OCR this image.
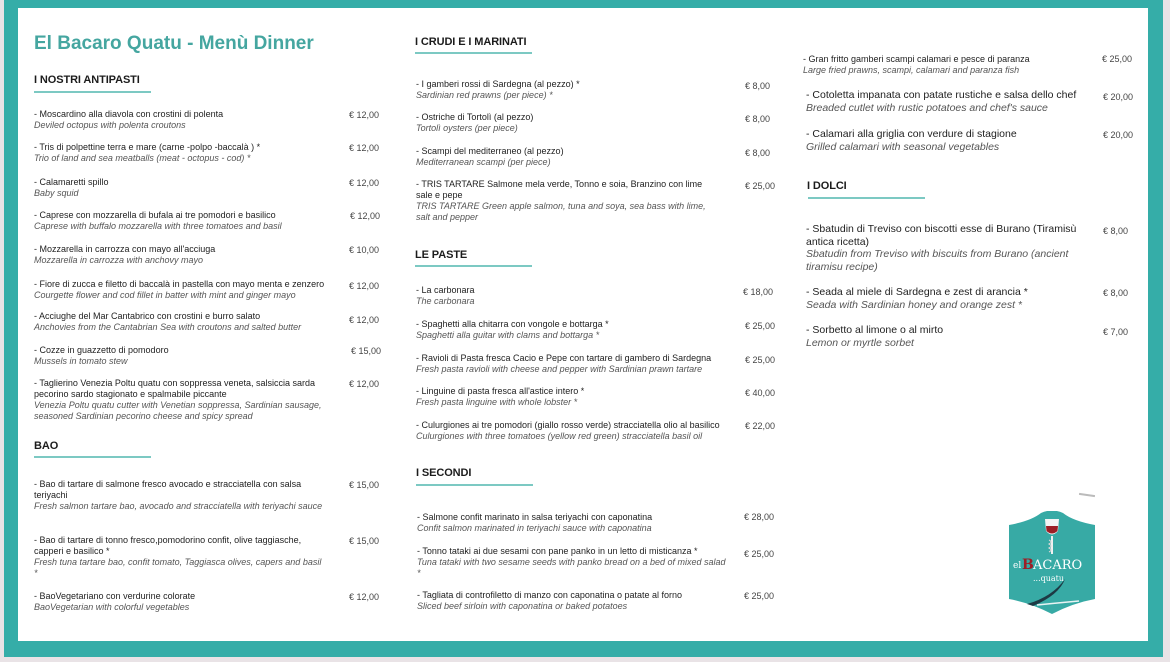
El Bacaro Quatu - Menù Dinner
I NOSTRI ANTIPASTI
- Moscardino alla diavola con crostini di polenta
Deviled octopus with polenta croutons
€ 12,00
- Tris di polpettine terra e mare (carne -polpo -baccalà ) *
Trio of land and sea meatballs (meat - octopus - cod) *
€ 12,00
- Calamaretti spillo
Baby squid
€ 12,00
- Caprese con mozzarella di bufala ai tre pomodori e basilico
Caprese with buffalo mozzarella with three tomatoes and basil
€ 12,00
- Mozzarella in carrozza con mayo all'acciuga
Mozzarella in carrozza with anchovy mayo
€ 10,00
- Fiore di zucca e filetto di baccalà in pastella con mayo menta e zenzero
Courgette flower and cod fillet in batter with mint and ginger mayo
€ 12,00
- Acciughe del Mar Cantabrico con crostini e burro salato
Anchovies from the Cantabrian Sea with croutons and salted butter
€ 12,00
- Cozze in guazzetto di pomodoro
Mussels in tomato stew
€ 15,00
- Taglierino Venezia Poltu quatu con soppressa veneta, salsiccia sarda pecorino sardo stagionato e spalmabile piccante
Venezia Poltu quatu cutter with Venetian soppressa, Sardinian sausage, seasoned Sardinian pecorino cheese and spicy spread
€ 12,00
BAO
- Bao di tartare di salmone fresco avocado e stracciatella con salsa teriyachi
Fresh salmon tartare bao, avocado and stracciatella with teriyachi sauce
€ 15,00
- Bao di tartare di tonno fresco,pomodorino confit, olive taggiasche, capperi e basilico *
Fresh tuna tartare bao, confit tomato, Taggiasca olives, capers and basil *
€ 15,00
- BaoVegetariano con verdurine colorate
BaoVegetarian with colorful vegetables
€ 12,00
I CRUDI E I MARINATI
- I gamberi rossi di Sardegna (al pezzo) *
Sardinian red prawns (per piece) *
€ 8,00
- Ostriche di Tortolì (al pezzo)
Tortolì oysters (per piece)
€ 8,00
- Scampi del mediterraneo (al pezzo)
Mediterranean scampi (per piece)
€ 8,00
- TRIS TARTARE Salmone mela verde, Tonno e soia, Branzino con lime sale e pepe
TRIS TARTARE Green apple salmon, tuna and soya, sea bass with lime, salt and pepper
€ 25,00
LE PASTE
- La carbonara
The carbonara
€ 18,00
- Spaghetti alla chitarra con vongole e bottarga *
Spaghetti alla guitar with clams and bottarga *
€ 25,00
- Ravioli di Pasta fresca Cacio e Pepe con tartare di gambero di Sardegna
Fresh pasta ravioli with cheese and pepper with Sardinian prawn tartare
€ 25,00
- Linguine di pasta fresca all'astice intero *
Fresh pasta linguine with whole lobster *
€ 40,00
- Culurgiones ai tre pomodori (giallo rosso verde) stracciatella olio al basilico
Culurgiones with three tomatoes (yellow red green) stracciatella basil oil
€ 22,00
I SECONDI
- Salmone confit marinato in salsa teriyachi con caponatina
Confit salmon marinated in teriyachi sauce with caponatina
€ 28,00
- Tonno tataki ai due sesami con pane panko in un letto di misticanza *
Tuna tataki with two sesame seeds with panko bread on a bed of mixed salad *
€ 25,00
- Tagliata di controfiletto di manzo con caponatina o patate al forno
Sliced beef sirloin with caponatina or baked potatoes
€ 25,00
- Gran fritto gamberi scampi calamari e pesce di paranza
Large fried prawns, scampi, calamari and paranza fish
€ 25,00
- Cotoletta impanata con patate rustiche e salsa dello chef
Breaded cutlet with rustic potatoes and chef's sauce
€ 20,00
- Calamari alla griglia con verdure di stagione
Grilled calamari with seasonal vegetables
€ 20,00
I DOLCI
- Sbatudin di Treviso con biscotti esse di Burano (Tiramisù antica ricetta)
Sbatudin from Treviso with biscuits from Burano (ancient tiramisu recipe)
€ 8,00
- Seada al miele di Sardegna e zest di arancia *
Seada with Sardinian honey and orange zest *
€ 8,00
- Sorbetto al limone o al mirto
Lemon or myrtle sorbet
€ 7,00
el B ACARO
...quatu
